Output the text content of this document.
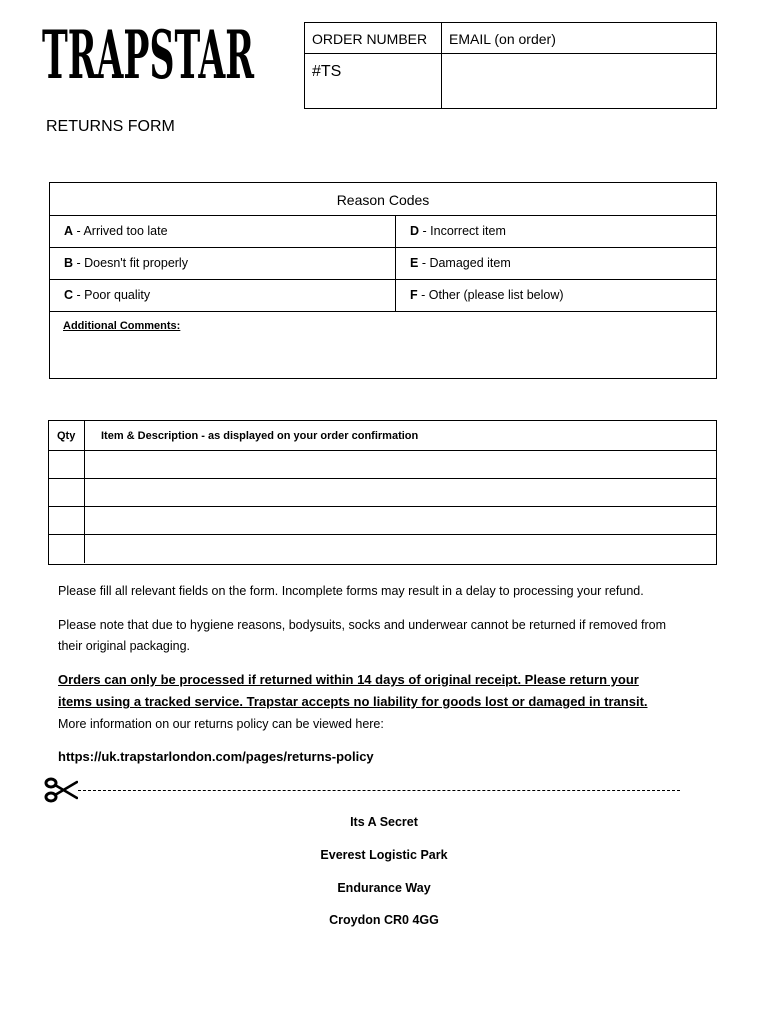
TRAPSTAR	ORDER NUMBER	EMAIL (on order)
#TS
RETURNS FORM
Reason Codes
A - Arrived too late	D - Incorrect item
B - Doesn't fit properly	E - Damaged item
C - Poor quality	F - Other (please list below)
Additional Comments:
Qty	Item & Description - as displayed on your order confirmation
Please fill all relevant fields on the form. Incomplete forms may result in a delay to processing your refund.
Please note that due to hygiene reasons, bodysuits, socks and underwear cannot be returned if removed from
their original packaging.
Orders can only be processed if returned within 14 days of original receipt. Please return your
items using a tracked service. Trapstar accepts no liability for goods lost or damaged in transit.
More information on our returns policy can be viewed here:
https://uk.trapstarlondon.com/pages/returns-policy
Its A Secret
Everest Logistic Park
Endurance Way
Croydon CR0 4GG
